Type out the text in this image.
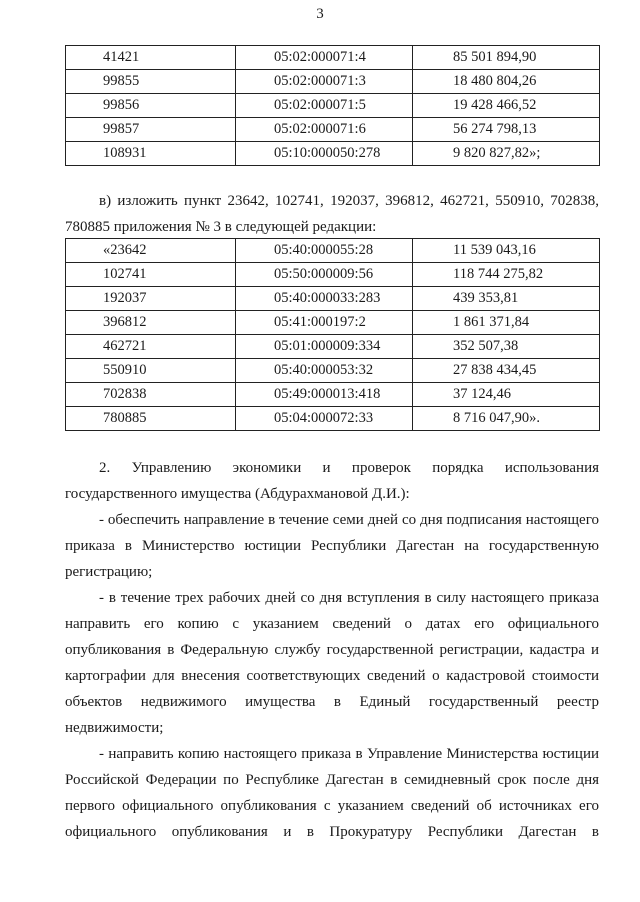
3
41421	05:02:000071:4	85 501 894,90
99855	05:02:000071:3	18 480 804,26
99856	05:02:000071:5	19 428 466,52
99857	05:02:000071:6	56 274 798,13
108931	05:10:000050:278	9 820 827,82»;
в) изложить пункт 23642, 102741, 192037, 396812, 462721, 550910, 702838,
780885 приложения № 3 в следующей редакции:
«23642	05:40:000055:28	11 539 043,16
102741	05:50:000009:56	118 744 275,82
192037	05:40:000033:283	439 353,81
396812	05:41:000197:2	1 861 371,84
462721	05:01:000009:334	352 507,38
550910	05:40:000053:32	27 838 434,45
702838	05:49:000013:418	37 124,46
780885	05:04:000072:33	8 716 047,90».
2. Управлению экономики и проверок порядка использования
государственного имущества (Абдурахмановой Д.И.):
- обеспечить направление в течение семи дней со дня подписания настоящего
приказа в Министерство юстиции Республики Дагестан на государственную
регистрацию;
- в течение трех рабочих дней со дня вступления в силу настоящего приказа
направить его копию с указанием сведений о датах его официального
опубликования в Федеральную службу государственной регистрации, кадастра и
картографии для внесения соответствующих сведений о кадастровой стоимости
объектов недвижимого имущества в Единый государственный реестр
недвижимости;
- направить копию настоящего приказа в Управление Министерства юстиции
Российской Федерации по Республике Дагестан в семидневный срок после дня
первого официального опубликования с указанием сведений об источниках его
официального опубликования и в Прокуратуру Республики Дагестан в
